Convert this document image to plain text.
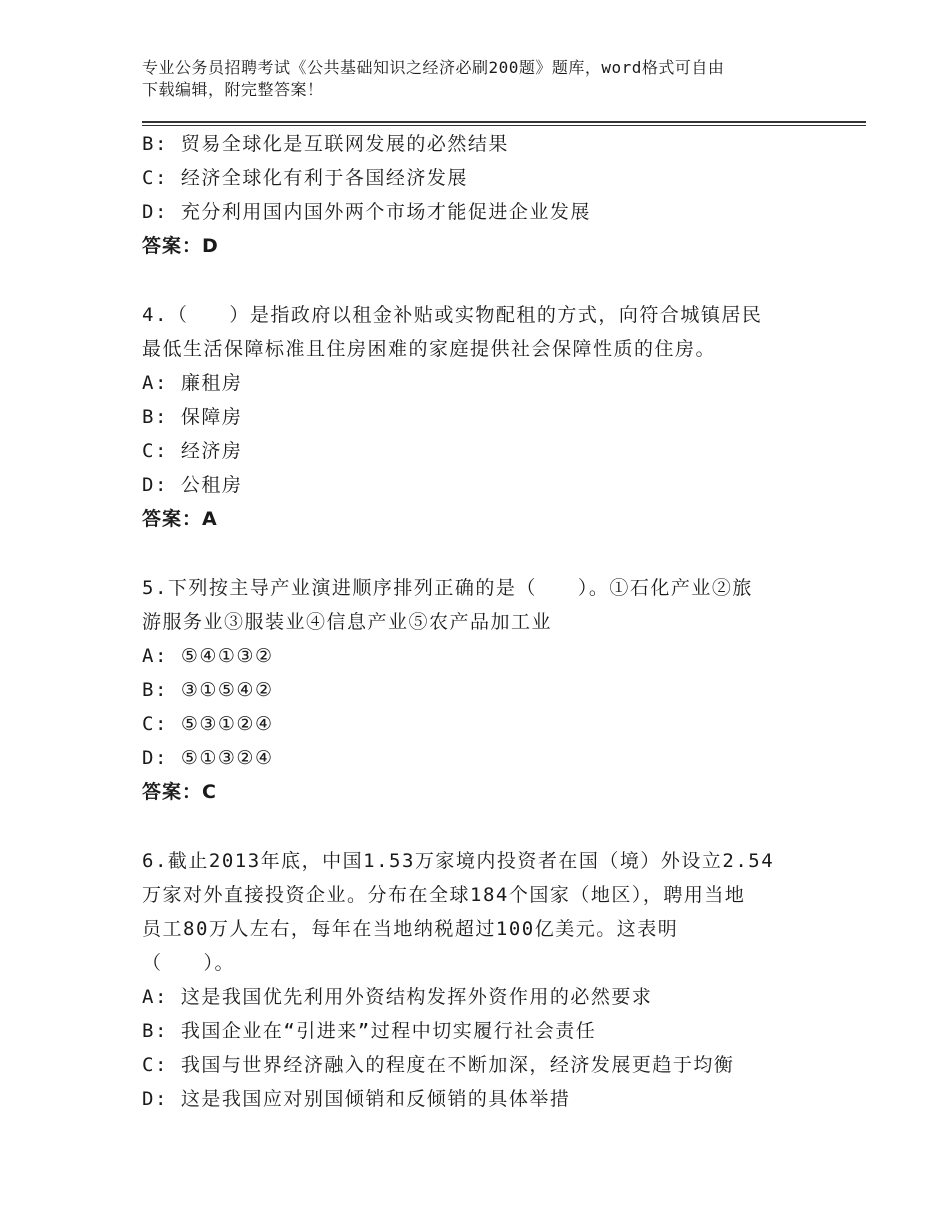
专业公务员招聘考试《公共基础知识之经济必刷200题》题库，word格式可自由
下载编辑，附完整答案！
B: 贸易全球化是互联网发展的必然结果
C: 经济全球化有利于各国经济发展
D: 充分利用国内国外两个市场才能促进企业发展
答案：D
4.（　　）是指政府以租金补贴或实物配租的方式，向符合城镇居民
最低生活保障标准且住房困难的家庭提供社会保障性质的住房。
A: 廉租房
B: 保障房
C: 经济房
D: 公租房
答案：A
5.下列按主导产业演进顺序排列正确的是（　　）。①石化产业②旅
游服务业③服装业④信息产业⑤农产品加工业
A: ⑤④①③②
B: ③①⑤④②
C: ⑤③①②④
D: ⑤①③②④
答案：C
6.截止2013年底，中国1.53万家境内投资者在国（境）外设立2.54
万家对外直接投资企业。分布在全球184个国家（地区），聘用当地
员工80万人左右，每年在当地纳税超过100亿美元。这表明
（　　）。
A: 这是我国优先利用外资结构发挥外资作用的必然要求
B: 我国企业在“引进来”过程中切实履行社会责任
C: 我国与世界经济融入的程度在不断加深，经济发展更趋于均衡
D: 这是我国应对别国倾销和反倾销的具体举措
